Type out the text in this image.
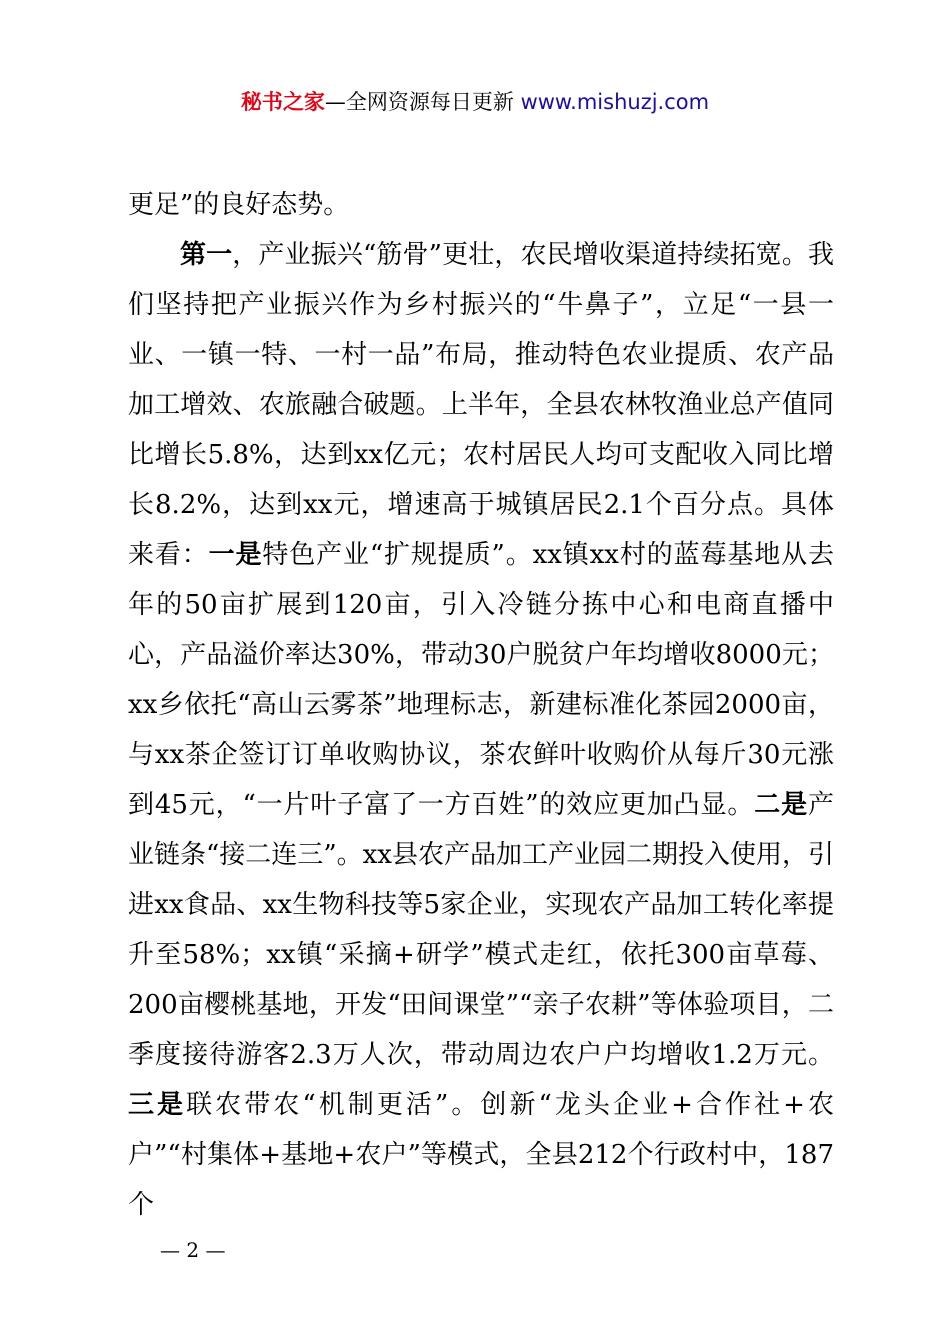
秘书之家—全网资源每日更新 www.mishuzj.com

更足”的良好态势。

第一，产业振兴“筋骨”更壮，农民增收渠道持续拓宽。我们坚持把产业振兴作为乡村振兴的“牛鼻子”，立足“一县一业、一镇一特、一村一品”布局，推动特色农业提质、农产品加工增效、农旅融合破题。上半年，全县农林牧渔业总产值同比增长5.8%，达到xx亿元；农村居民人均可支配收入同比增长8.2%，达到xx元，增速高于城镇居民2.1个百分点。具体来看：一是特色产业“扩规提质”。xx镇xx村的蓝莓基地从去年的50亩扩展到120亩，引入冷链分拣中心和电商直播中心，产品溢价率达30%，带动30户脱贫户年均增收8000元；xx乡依托“高山云雾茶”地理标志，新建标准化茶园2000亩，与xx茶企签订订单收购协议，茶农鲜叶收购价从每斤30元涨到45元，“一片叶子富了一方百姓”的效应更加凸显。二是产业链条“接二连三”。xx县农产品加工产业园二期投入使用，引进xx食品、xx生物科技等5家企业，实现农产品加工转化率提升至58%；xx镇“采摘+研学”模式走红，依托300亩草莓、200亩樱桃基地，开发“田间课堂”“亲子农耕”等体验项目，二季度接待游客2.3万人次，带动周边农户户均增收1.2万元。三是联农带农“机制更活”。创新“龙头企业+合作社+农户”“村集体+基地+农户”等模式，全县212个行政村中，187个

— 2 —
